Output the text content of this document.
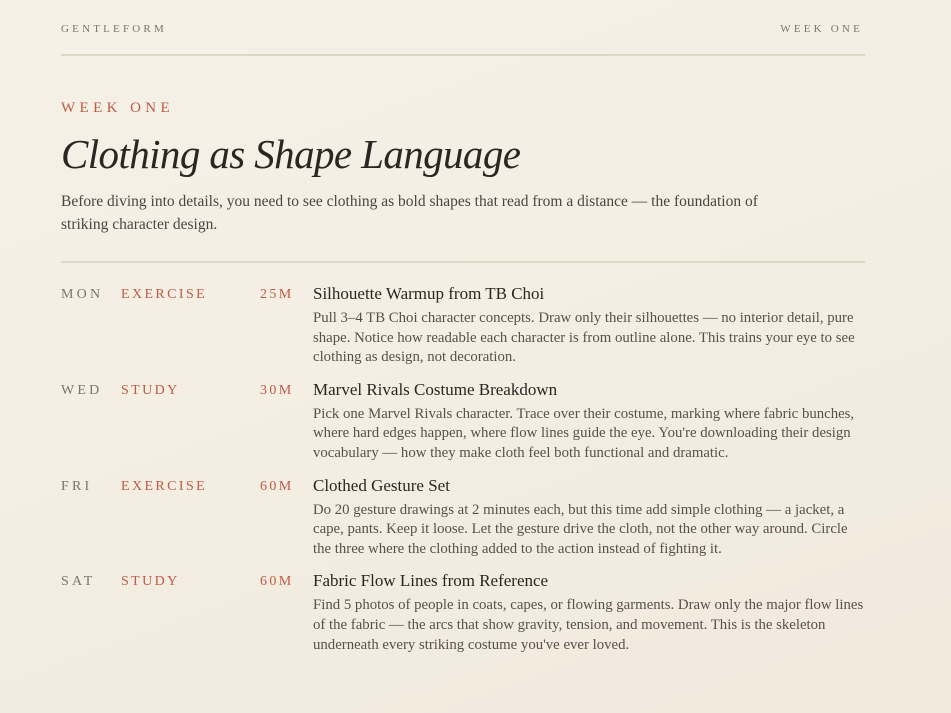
GENTLEFORM	WEEK ONE
WEEK ONE
Clothing as Shape Language

Before diving into details, you need to see clothing as bold shapes that read from a distance — the foundation of striking character design.

MON EXERCISE	25M Silhouette Warmup from TB Choi

Pull 3–4 TB Choi character concepts. Draw only their silhouettes — no interior detail, pure shape. Notice how readable each character is from outline alone. This trains your eye to see clothing as design, not decoration.

WED STUDY	30M Marvel Rivals Costume Breakdown

Pick one Marvel Rivals character. Trace over their costume, marking where fabric bunches, where hard edges happen, where flow lines guide the eye. You're downloading their design vocabulary — how they make cloth feel both functional and dramatic.

FRI EXERCISE	60M Clothed Gesture Set

Do 20 gesture drawings at 2 minutes each, but this time add simple clothing — a jacket, a cape, pants. Keep it loose. Let the gesture drive the cloth, not the other way around. Circle the three where the clothing added to the action instead of fighting it.

SAT STUDY	60M Fabric Flow Lines from Reference

Find 5 photos of people in coats, capes, or flowing garments. Draw only the major flow lines of the fabric — the arcs that show gravity, tension, and movement. This is the skeleton underneath every striking costume you've ever loved.
